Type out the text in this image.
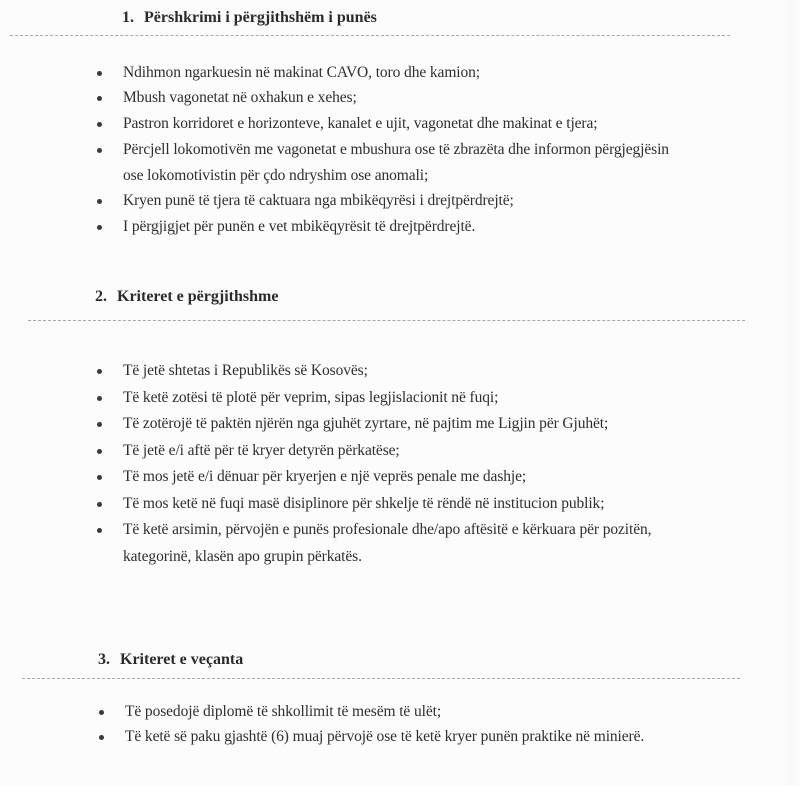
1. Përshkrimi i përgjithshëm i punës
Ndihmon ngarkuesin në makinat CAVO, toro dhe kamion;
Mbush vagonetat në oxhakun e xehes;
Pastron korridoret e horizonteve, kanalet e ujit, vagonetat dhe makinat e tjera;
Përcjell lokomotivën me vagonetat e mbushura ose të zbrazëta dhe informon përgjegjësin
ose lokomotivistin për çdo ndryshim ose anomali;
Kryen punë të tjera të caktuara nga mbikëqyrësi i drejtpërdrejtë;
I përgjigjet për punën e vet mbikëqyrësit të drejtpërdrejtë.
2. Kriteret e përgjithshme
Të jetë shtetas i Republikës së Kosovës;
Të ketë zotësi të plotë për veprim, sipas legjislacionit në fuqi;
Të zotërojë të paktën njërën nga gjuhët zyrtare, në pajtim me Ligjin për Gjuhët;
Të jetë e/i aftë për të kryer detyrën përkatëse;
Të mos jetë e/i dënuar për kryerjen e një veprës penale me dashje;
Të mos ketë në fuqi masë disiplinore për shkelje të rëndë në institucion publik;
Të ketë arsimin, përvojën e punës profesionale dhe/apo aftësitë e kërkuara për pozitën,
kategorinë, klasën apo grupin përkatës.
3. Kriteret e veçanta
Të posedojë diplomë të shkollimit të mesëm të ulët;
Të ketë së paku gjashtë (6) muaj përvojë ose të ketë kryer punën praktike në minierë.
